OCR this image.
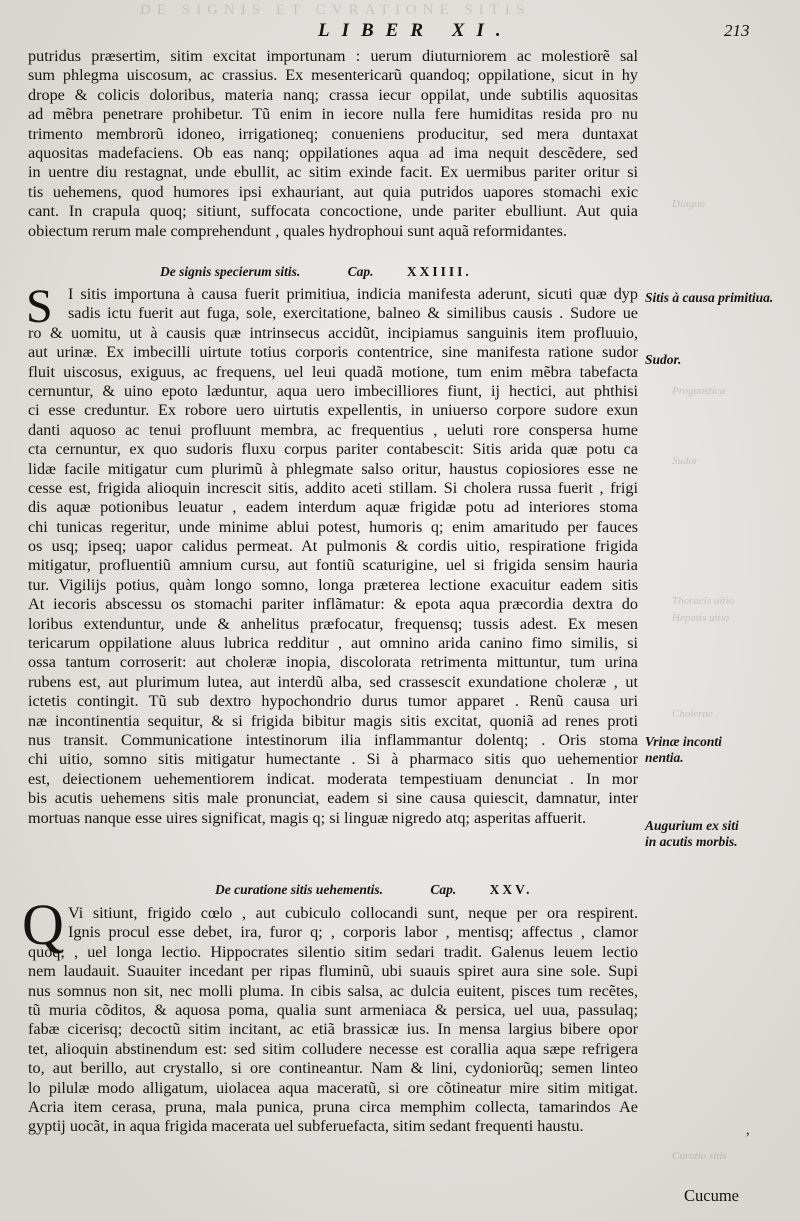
DE SIGNIS ET CVRATIONE SITIS
LIBER XI.	213
putridus præsertim, sitim excitat importunam : uerum diuturniorem ac molestiorẽ sal
sum phlegma uiscosum, ac crassius. Ex mesentericarũ quandoq; oppilatione, sicut in hy
drope & colicis doloribus, materia nanq; crassa iecur oppilat, unde subtilis aquositas
ad mẽbra penetrare prohibetur. Tũ enim in iecore nulla fere humiditas resida pro nu
trimento membrorũ idoneo, irrigationeq; conueniens producitur, sed mera duntaxat
aquositas madefaciens. Ob eas nanq; oppilationes aqua ad ima nequit descẽdere, sed
in uentre diu restagnat, unde ebullit, ac sitim exinde facit. Ex uermibus pariter oritur si
tis uehemens, quod humores ipsi exhauriant, aut quia putridos uapores stomachi exic
cant. In crapula quoq; sitiunt, suffocata concoctione, unde pariter ebulliunt. Aut quia
obiectum rerum male comprehendunt , quales hydrophoui sunt aquã reformidantes.
De signis specierum sitis.	Cap. XXIIII.
S I sitis importuna à causa fuerit primitiua, indicia manifesta aderunt, sicuti quæ dyp
sadis ictu fuerit aut fuga, sole, exercitatione, balneo & similibus causis . Sudore ue
ro & uomitu, ut à causis quæ intrinsecus accidũt, incipiamus sanguinis item profluuio,
aut urinæ. Ex imbecilli uirtute totius corporis contentrice, sine manifesta ratione sudor
fluit uiscosus, exiguus, ac frequens, uel leui quadã motione, tum enim mẽbra tabefacta
cernuntur, & uino epoto læduntur, aqua uero imbecilliores fiunt, ij hectici, aut phthisi
ci esse creduntur. Ex robore uero uirtutis expellentis, in uniuerso corpore sudore exun
danti aquoso ac tenui profluunt membra, ac frequentius , ueluti rore conspersa hume
cta cernuntur, ex quo sudoris fluxu corpus pariter contabescit: Sitis arida quæ potu ca
lidæ facile mitigatur cum plurimũ à phlegmate salso oritur, haustus copiosiores esse ne
cesse est, frigida alioquin increscit sitis, addito aceti stillam. Si cholera russa fuerit , frigi
dis aquæ potionibus leuatur , eadem interdum aquæ frigidæ potu ad interiores stoma
chi tunicas regeritur, unde minime ablui potest, humoris q; enim amaritudo per fauces
os usq; ipseq; uapor calidus permeat. At pulmonis & cordis uitio, respiratione frigida
mitigatur, profluentiũ amnium cursu, aut fontiũ scaturigine, uel si frigida sensim hauria
tur. Vigilijs potius, quàm longo somno, longa præterea lectione exacuitur eadem sitis
At iecoris abscessu os stomachi pariter inflãmatur: & epota aqua præcordia dextra do
loribus extenduntur, unde & anhelitus præfocatur, frequensq; tussis adest. Ex mesen
tericarum oppilatione aluus lubrica redditur , aut omnino arida canino fimo similis, si
ossa tantum corroserit: aut choleræ inopia, discolorata retrimenta mittuntur, tum urina
rubens est, aut plurimum lutea, aut interdũ alba, sed crassescit exundatione choleræ , ut
ictetis contingit. Tũ sub dextro hypochondrio durus tumor apparet . Renũ causa uri
næ incontinentia sequitur, & si frigida bibitur magis sitis excitat, quoniã ad renes proti
nus transit. Communicatione intestinorum ilia inflammantur dolentq; . Oris stoma
chi uitio, somno sitis mitigatur humectante . Si à pharmaco sitis quo uehementior
est, deiectionem uehementiorem indicat. moderata tempestiuam denunciat . In mor
bis acutis uehemens sitis male pronunciat, eadem si sine causa quiescit, damnatur, inter
mortuas nanque esse uires significat, magis q; si linguæ nigredo atq; asperitas affuerit.
De curatione sitis uehementis.	Cap. XXV.
Q Vi sitiunt, frigido cœlo , aut cubiculo collocandi sunt, neque per ora respirent.
Ignis procul esse debet, ira, furor q; , corporis labor , mentisq; affectus , clamor
quoq; , uel longa lectio. Hippocrates silentio sitim sedari tradit. Galenus leuem lectio
nem laudauit. Suauiter incedant per ripas fluminũ, ubi suauis spiret aura sine sole. Supi
nus somnus non sit, nec molli pluma. In cibis salsa, ac dulcia euitent, pisces tum recẽtes,
tũ muria cõditos, & aquosa poma, qualia sunt armeniaca & persica, uel uua, passulaq;
fabæ cicerisq; decoctũ sitim incitant, ac etiã brassicæ ius. In mensa largius bibere opor
tet, alioquin abstinendum est: sed sitim colludere necesse est corallia aqua sæpe refrigera
to, aut berillo, aut crystallo, si ore contineantur. Nam & lini, cydoniorũq; semen linteo
lo pilulæ modo alligatum, uiolacea aqua maceratũ, si ore cõtineatur mire sitim mitigat.
Acria item cerasa, pruna, mala punica, pruna circa memphim collecta, tamarindos Ae
gyptij uocãt, in aqua frigida macerata uel subferuefacta, sitim sedant frequenti haustu.
Cucume
ʼ
Sitis à causa primitiua.
Sudor.
Vrinæ inconti nentia.
Augurium ex siti in acutis morbis.
Diagno
Prognostica
Sudor
Thoracis uitio
Hepatis uitio
Cholerae
Curatio sitis
